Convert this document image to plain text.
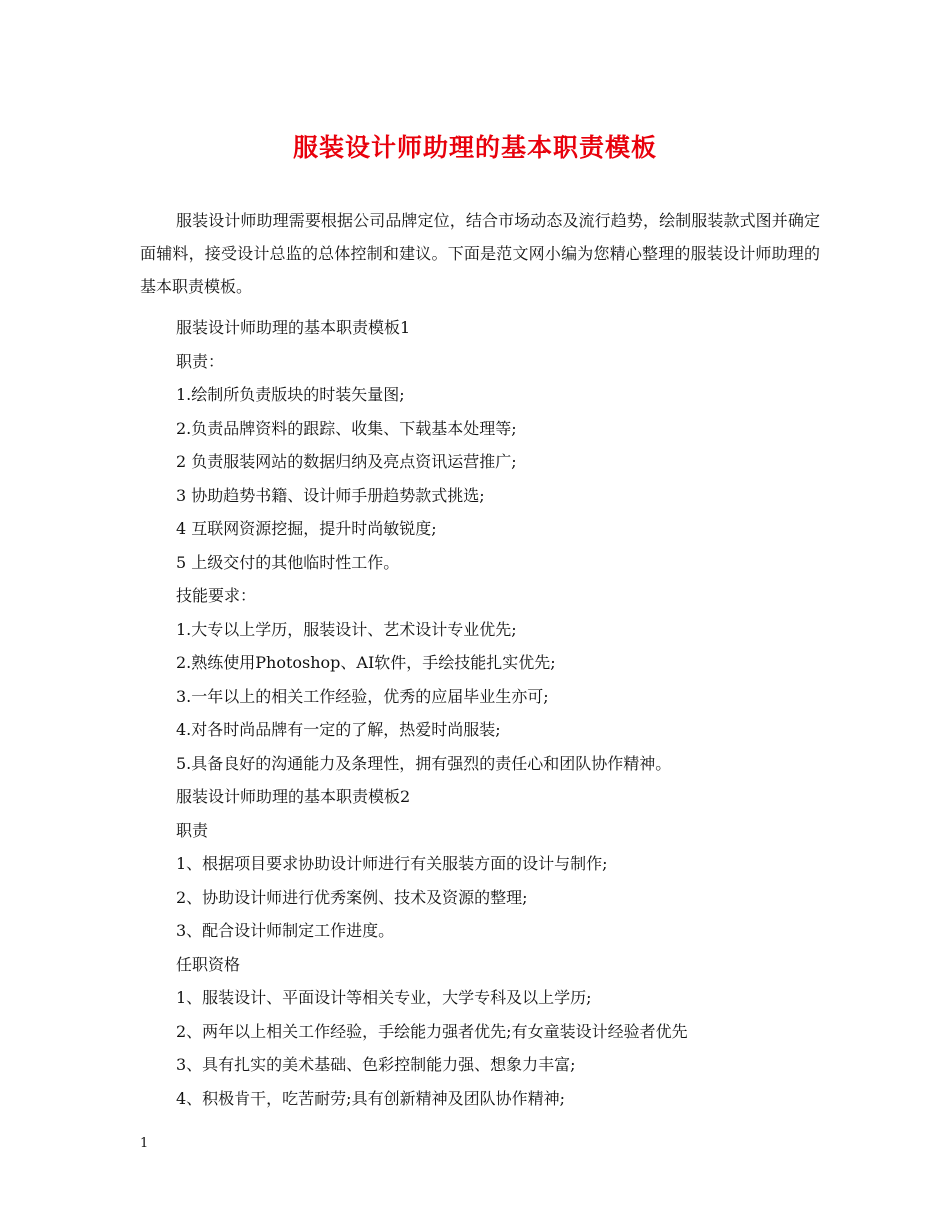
服装设计师助理的基本职责模板

服装设计师助理需要根据公司品牌定位，结合市场动态及流行趋势，绘制服装款式图并确定面辅料，接受设计总监的总体控制和建议。下面是范文网小编为您精心整理的服装设计师助理的基本职责模板。

服装设计师助理的基本职责模板1
职责：
1.绘制所负责版块的时装矢量图;
2.负责品牌资料的跟踪、收集、下载基本处理等;
2 负责服装网站的数据归纳及亮点资讯运营推广;
3 协助趋势书籍、设计师手册趋势款式挑选;
4 互联网资源挖掘，提升时尚敏锐度;
5 上级交付的其他临时性工作。
技能要求：
1.大专以上学历，服装设计、艺术设计专业优先;
2.熟练使用Photoshop、AI软件，手绘技能扎实优先;
3.一年以上的相关工作经验，优秀的应届毕业生亦可;
4.对各时尚品牌有一定的了解，热爱时尚服装;
5.具备良好的沟通能力及条理性，拥有强烈的责任心和团队协作精神。
服装设计师助理的基本职责模板2
职责
1、根据项目要求协助设计师进行有关服装方面的设计与制作;
2、协助设计师进行优秀案例、技术及资源的整理;
3、配合设计师制定工作进度。
任职资格
1、服装设计、平面设计等相关专业，大学专科及以上学历;
2、两年以上相关工作经验，手绘能力强者优先;有女童装设计经验者优先
3、具有扎实的美术基础、色彩控制能力强、想象力丰富;
4、积极肯干，吃苦耐劳;具有创新精神及团队协作精神;
1
